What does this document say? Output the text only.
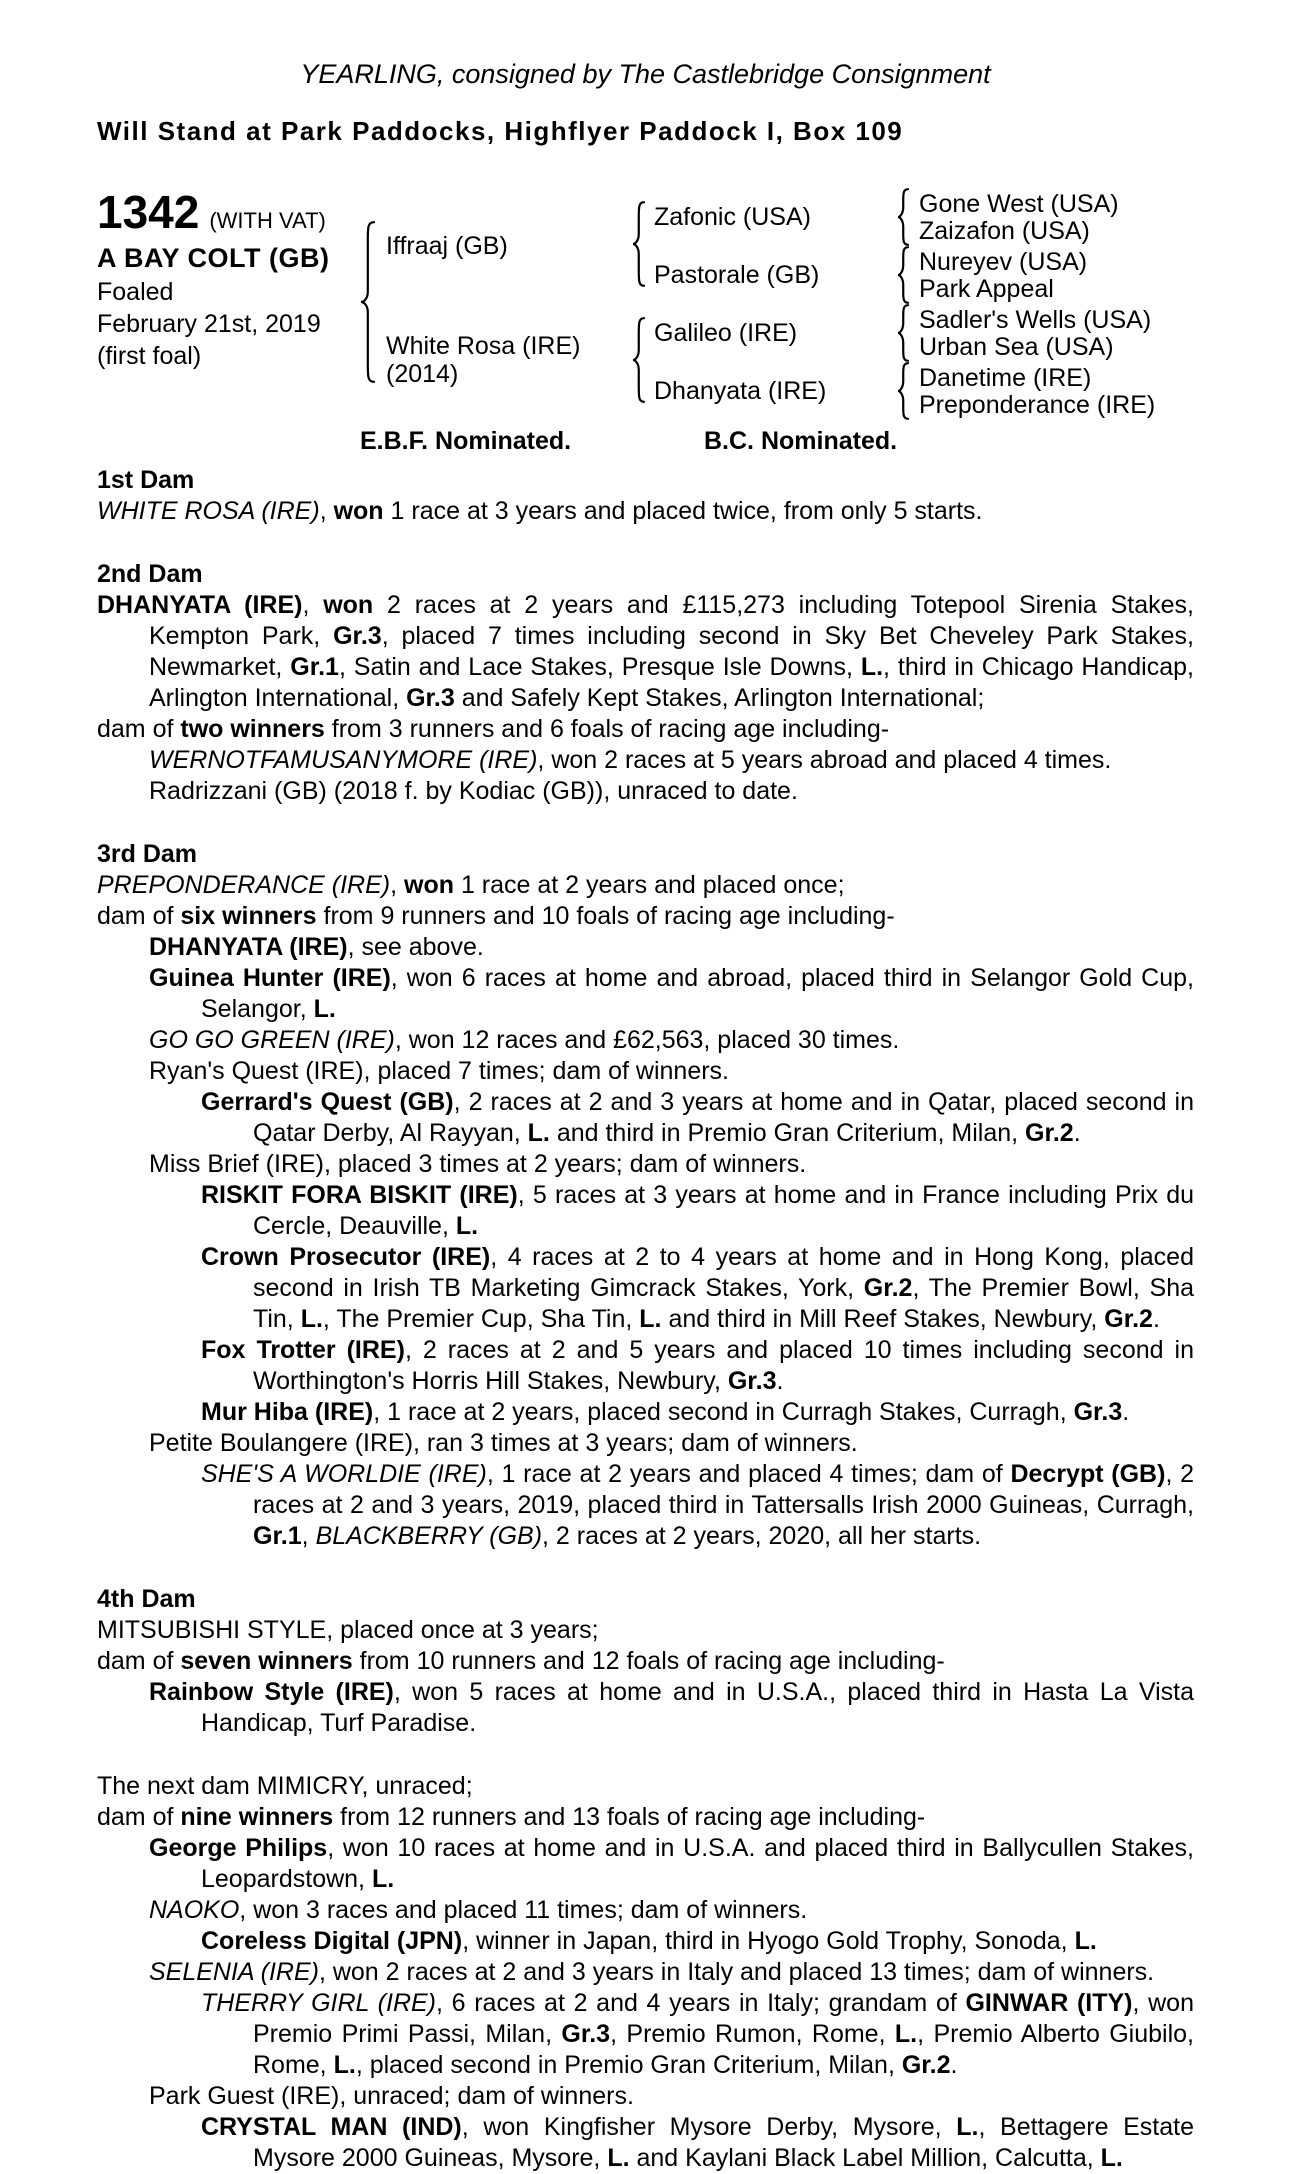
YEARLING, consigned by The Castlebridge Consignment
Will Stand at Park Paddocks, Highflyer Paddock I, Box 109
1342 (WITH VAT)
A BAY COLT (GB)
Foaled
February 21st, 2019
(first foal)
Iffraaj (GB)
White Rosa (IRE)
(2014)
Zafonic (USA)
Pastorale (GB)
Galileo (IRE)
Dhanyata (IRE)
Gone West (USA)
Zaizafon (USA)
Nureyev (USA)
Park Appeal
Sadler's Wells (USA)
Urban Sea (USA)
Danetime (IRE)
Preponderance (IRE)
E.B.F. Nominated.	B.C. Nominated.
1st Dam

WHITE ROSA (IRE), won 1 race at 3 years and placed twice, from only 5 starts.

2nd Dam

DHANYATA (IRE), won 2 races at 2 years and £115,273 including Totepool Sirenia Stakes, Kempton Park, Gr.3, placed 7 times including second in Sky Bet Cheveley Park Stakes, Newmarket, Gr.1, Satin and Lace Stakes, Presque Isle Downs, L., third in Chicago Handicap, Arlington International, Gr.3 and Safely Kept Stakes, Arlington International;

dam of two winners from 3 runners and 6 foals of racing age including-

WERNOTFAMUSANYMORE (IRE), won 2 races at 5 years abroad and placed 4 times.

Radrizzani (GB) (2018 f. by Kodiac (GB)), unraced to date.

3rd Dam

PREPONDERANCE (IRE), won 1 race at 2 years and placed once;

dam of six winners from 9 runners and 10 foals of racing age including-

DHANYATA (IRE), see above.

Guinea Hunter (IRE), won 6 races at home and abroad, placed third in Selangor Gold Cup, Selangor, L.

GO GO GREEN (IRE), won 12 races and £62,563, placed 30 times.

Ryan's Quest (IRE), placed 7 times; dam of winners.

Gerrard's Quest (GB), 2 races at 2 and 3 years at home and in Qatar, placed second in Qatar Derby, Al Rayyan, L. and third in Premio Gran Criterium, Milan, Gr.2.

Miss Brief (IRE), placed 3 times at 2 years; dam of winners.

RISKIT FORA BISKIT (IRE), 5 races at 3 years at home and in France including Prix du Cercle, Deauville, L.

Crown Prosecutor (IRE), 4 races at 2 to 4 years at home and in Hong Kong, placed second in Irish TB Marketing Gimcrack Stakes, York, Gr.2, The Premier Bowl, Sha Tin, L., The Premier Cup, Sha Tin, L. and third in Mill Reef Stakes, Newbury, Gr.2.

Fox Trotter (IRE), 2 races at 2 and 5 years and placed 10 times including second in Worthington's Horris Hill Stakes, Newbury, Gr.3.

Mur Hiba (IRE), 1 race at 2 years, placed second in Curragh Stakes, Curragh, Gr.3.

Petite Boulangere (IRE), ran 3 times at 3 years; dam of winners.

SHE'S A WORLDIE (IRE), 1 race at 2 years and placed 4 times; dam of Decrypt (GB), 2 races at 2 and 3 years, 2019, placed third in Tattersalls Irish 2000 Guineas, Curragh, Gr.1, BLACKBERRY (GB), 2 races at 2 years, 2020, all her starts.

4th Dam

MITSUBISHI STYLE, placed once at 3 years;

dam of seven winners from 10 runners and 12 foals of racing age including-

Rainbow Style (IRE), won 5 races at home and in U.S.A., placed third in Hasta La Vista Handicap, Turf Paradise.

The next dam MIMICRY, unraced;

dam of nine winners from 12 runners and 13 foals of racing age including-

George Philips, won 10 races at home and in U.S.A. and placed third in Ballycullen Stakes, Leopardstown, L.

NAOKO, won 3 races and placed 11 times; dam of winners.

Coreless Digital (JPN), winner in Japan, third in Hyogo Gold Trophy, Sonoda, L.

SELENIA (IRE), won 2 races at 2 and 3 years in Italy and placed 13 times; dam of winners.

THERRY GIRL (IRE), 6 races at 2 and 4 years in Italy; grandam of GINWAR (ITY), won Premio Primi Passi, Milan, Gr.3, Premio Rumon, Rome, L., Premio Alberto Giubilo, Rome, L., placed second in Premio Gran Criterium, Milan, Gr.2.

Park Guest (IRE), unraced; dam of winners.

CRYSTAL MAN (IND), won Kingfisher Mysore Derby, Mysore, L., Bettagere Estate Mysore 2000 Guineas, Mysore, L. and Kaylani Black Label Million, Calcutta, L.
